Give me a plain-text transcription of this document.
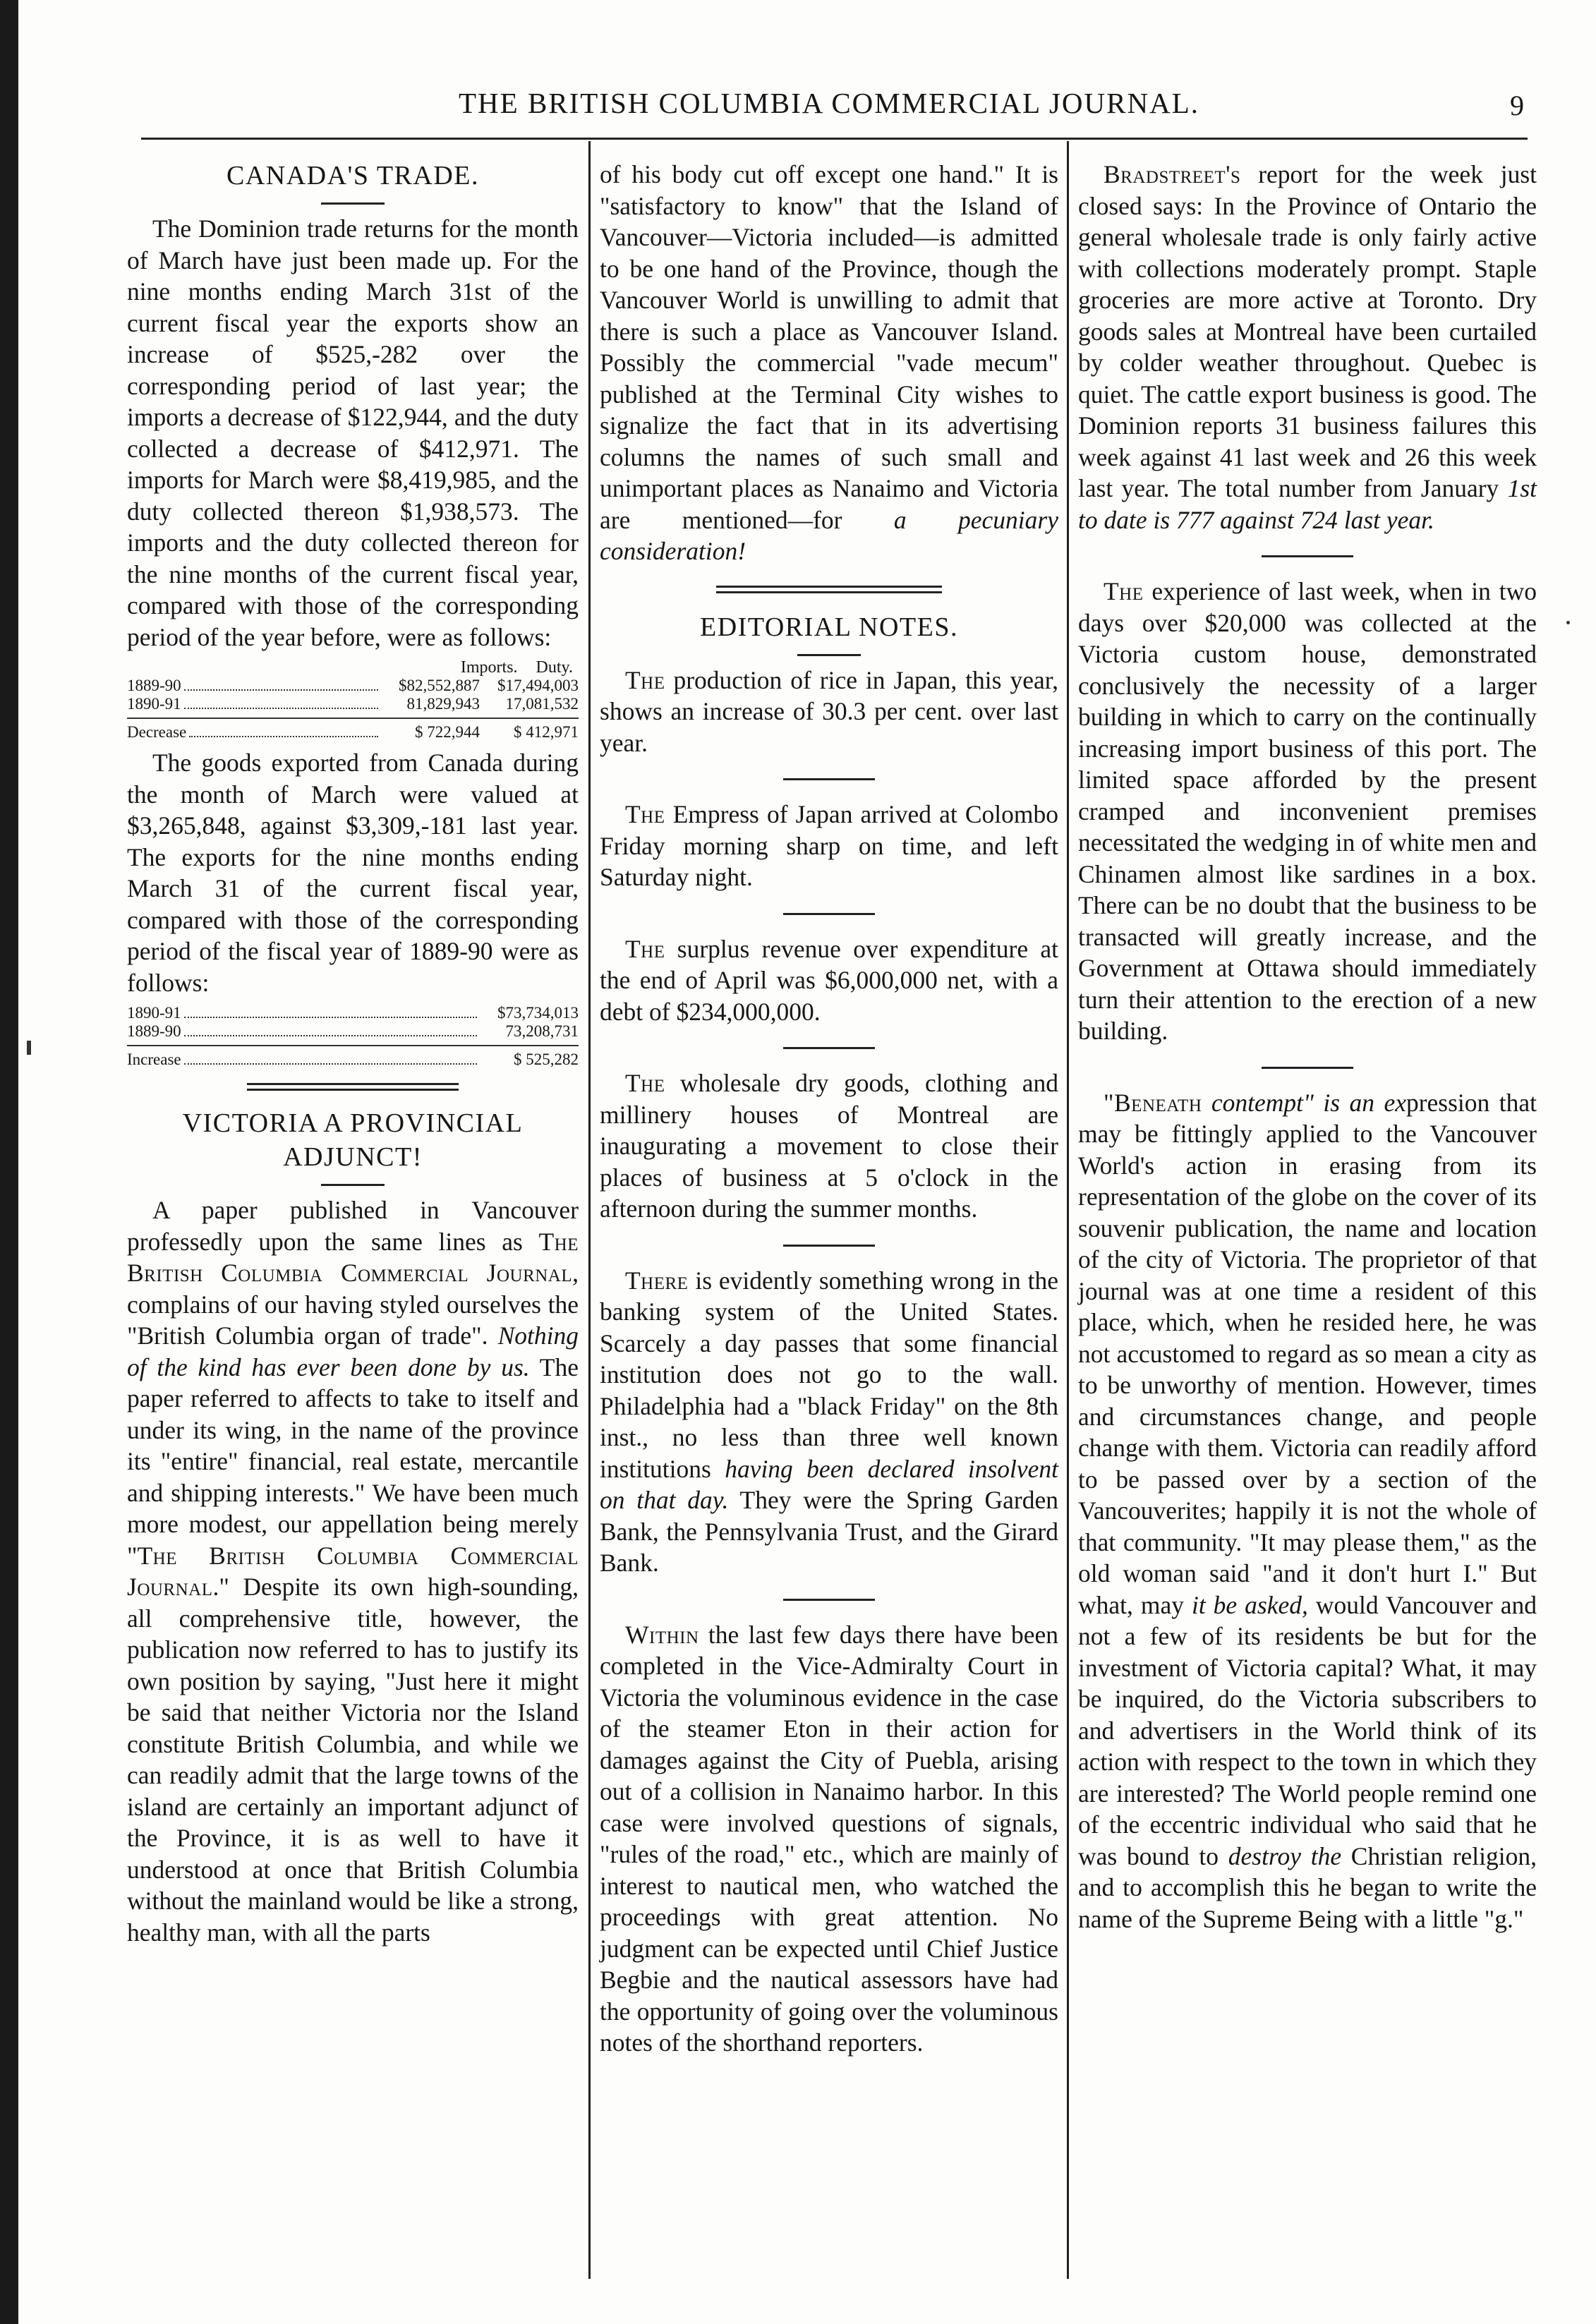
THE BRITISH COLUMBIA COMMERCIAL JOURNAL.	9
CANADA'S TRADE.

The Dominion trade returns for the month of March have just been made up. For the nine months ending March 31st of the current fiscal year the exports show an increase of $525,-282 over the corresponding period of last year; the imports a decrease of $122,944, and the duty collected a decrease of $412,971. The imports for March were $8,419,985, and the duty collected thereon $1,938,573. The imports and the duty collected thereon for the nine months of the current fiscal year, compared with those of the corresponding period of the year before, were as follows:

Imports. Duty.
1889-90	$82,552,887	$17,494,003
1890-91	81,829,943	17,081,532
Decrease	$ 722,944	$ 412,971

The goods exported from Canada during the month of March were valued at $3,265,848, against $3,309,-181 last year. The exports for the nine months ending March 31 of the current fiscal year, compared with those of the corresponding period of the fiscal year of 1889-90 were as follows:

1890-91	$73,734,013
1889-90	73,208,731
Increase	$ 525,282
VICTORIA A PROVINCIAL ADJUNCT!

A paper published in Vancouver professedly upon the same lines as The British Columbia Commercial Journal, complains of our having styled ourselves the "British Columbia organ of trade". Nothing of the kind has ever been done by us. The paper referred to affects to take to itself and under its wing, in the name of the province its "entire" financial, real estate, mercantile and shipping interests." We have been much more modest, our appellation being merely "The British Columbia Commercial Journal." Despite its own high-sounding, all comprehensive title, however, the publication now referred to has to justify its own position by saying, "Just here it might be said that neither Victoria nor the Island constitute British Columbia, and while we can readily admit that the large towns of the island are certainly an important adjunct of the Province, it is as well to have it understood at once that British Columbia without the mainland would be like a strong, healthy man, with all the parts

of his body cut off except one hand." It is "satisfactory to know" that the Island of Vancouver—Victoria included—is admitted to be one hand of the Province, though the Vancouver World is unwilling to admit that there is such a place as Vancouver Island. Possibly the commercial "vade mecum" published at the Terminal City wishes to signalize the fact that in its advertising columns the names of such small and unimportant places as Nanaimo and Victoria are mentioned—for a pecuniary consideration!

EDITORIAL NOTES.

The production of rice in Japan, this year, shows an increase of 30.3 per cent. over last year.

The Empress of Japan arrived at Colombo Friday morning sharp on time, and left Saturday night.

The surplus revenue over expenditure at the end of April was $6,000,000 net, with a debt of $234,000,000.

The wholesale dry goods, clothing and millinery houses of Montreal are inaugurating a movement to close their places of business at 5 o'clock in the afternoon during the summer months.

There is evidently something wrong in the banking system of the United States. Scarcely a day passes that some financial institution does not go to the wall. Philadelphia had a "black Friday" on the 8th inst., no less than three well known institutions having been declared insolvent on that day. They were the Spring Garden Bank, the Pennsylvania Trust, and the Girard Bank.

Within the last few days there have been completed in the Vice-Admiralty Court in Victoria the voluminous evidence in the case of the steamer Eton in their action for damages against the City of Puebla, arising out of a collision in Nanaimo harbor. In this case were involved questions of signals, "rules of the road," etc., which are mainly of interest to nautical men, who watched the proceedings with great attention. No judgment can be expected until Chief Justice Begbie and the nautical assessors have had the opportunity of going over the voluminous notes of the shorthand reporters.

Bradstreet's report for the week just closed says: In the Province of Ontario the general wholesale trade is only fairly active with collections moderately prompt. Staple groceries are more active at Toronto. Dry goods sales at Montreal have been curtailed by colder weather throughout. Quebec is quiet. The cattle export business is good. The Dominion reports 31 business failures this week against 41 last week and 26 this week last year. The total number from January 1st to date is 777 against 724 last year.

The experience of last week, when in two days over $20,000 was collected at the Victoria custom house, demonstrated conclusively the necessity of a larger building in which to carry on the continually increasing import business of this port. The limited space afforded by the present cramped and inconvenient premises necessitated the wedging in of white men and Chinamen almost like sardines in a box. There can be no doubt that the business to be transacted will greatly increase, and the Government at Ottawa should immediately turn their attention to the erection of a new building.

"Beneath contempt" is an expression that may be fittingly applied to the Vancouver World's action in erasing from its representation of the globe on the cover of its souvenir publication, the name and location of the city of Victoria. The proprietor of that journal was at one time a resident of this place, which, when he resided here, he was not accustomed to regard as so mean a city as to be unworthy of mention. However, times and circumstances change, and people change with them. Victoria can readily afford to be passed over by a section of the Vancouverites; happily it is not the whole of that community. "It may please them," as the old woman said "and it don't hurt I." But what, may it be asked, would Vancouver and not a few of its residents be but for the investment of Victoria capital? What, it may be inquired, do the Victoria subscribers to and advertisers in the World think of its action with respect to the town in which they are interested? The World people remind one of the eccentric individual who said that he was bound to destroy the Christian religion, and to accomplish this he began to write the name of the Supreme Being with a little "g."
